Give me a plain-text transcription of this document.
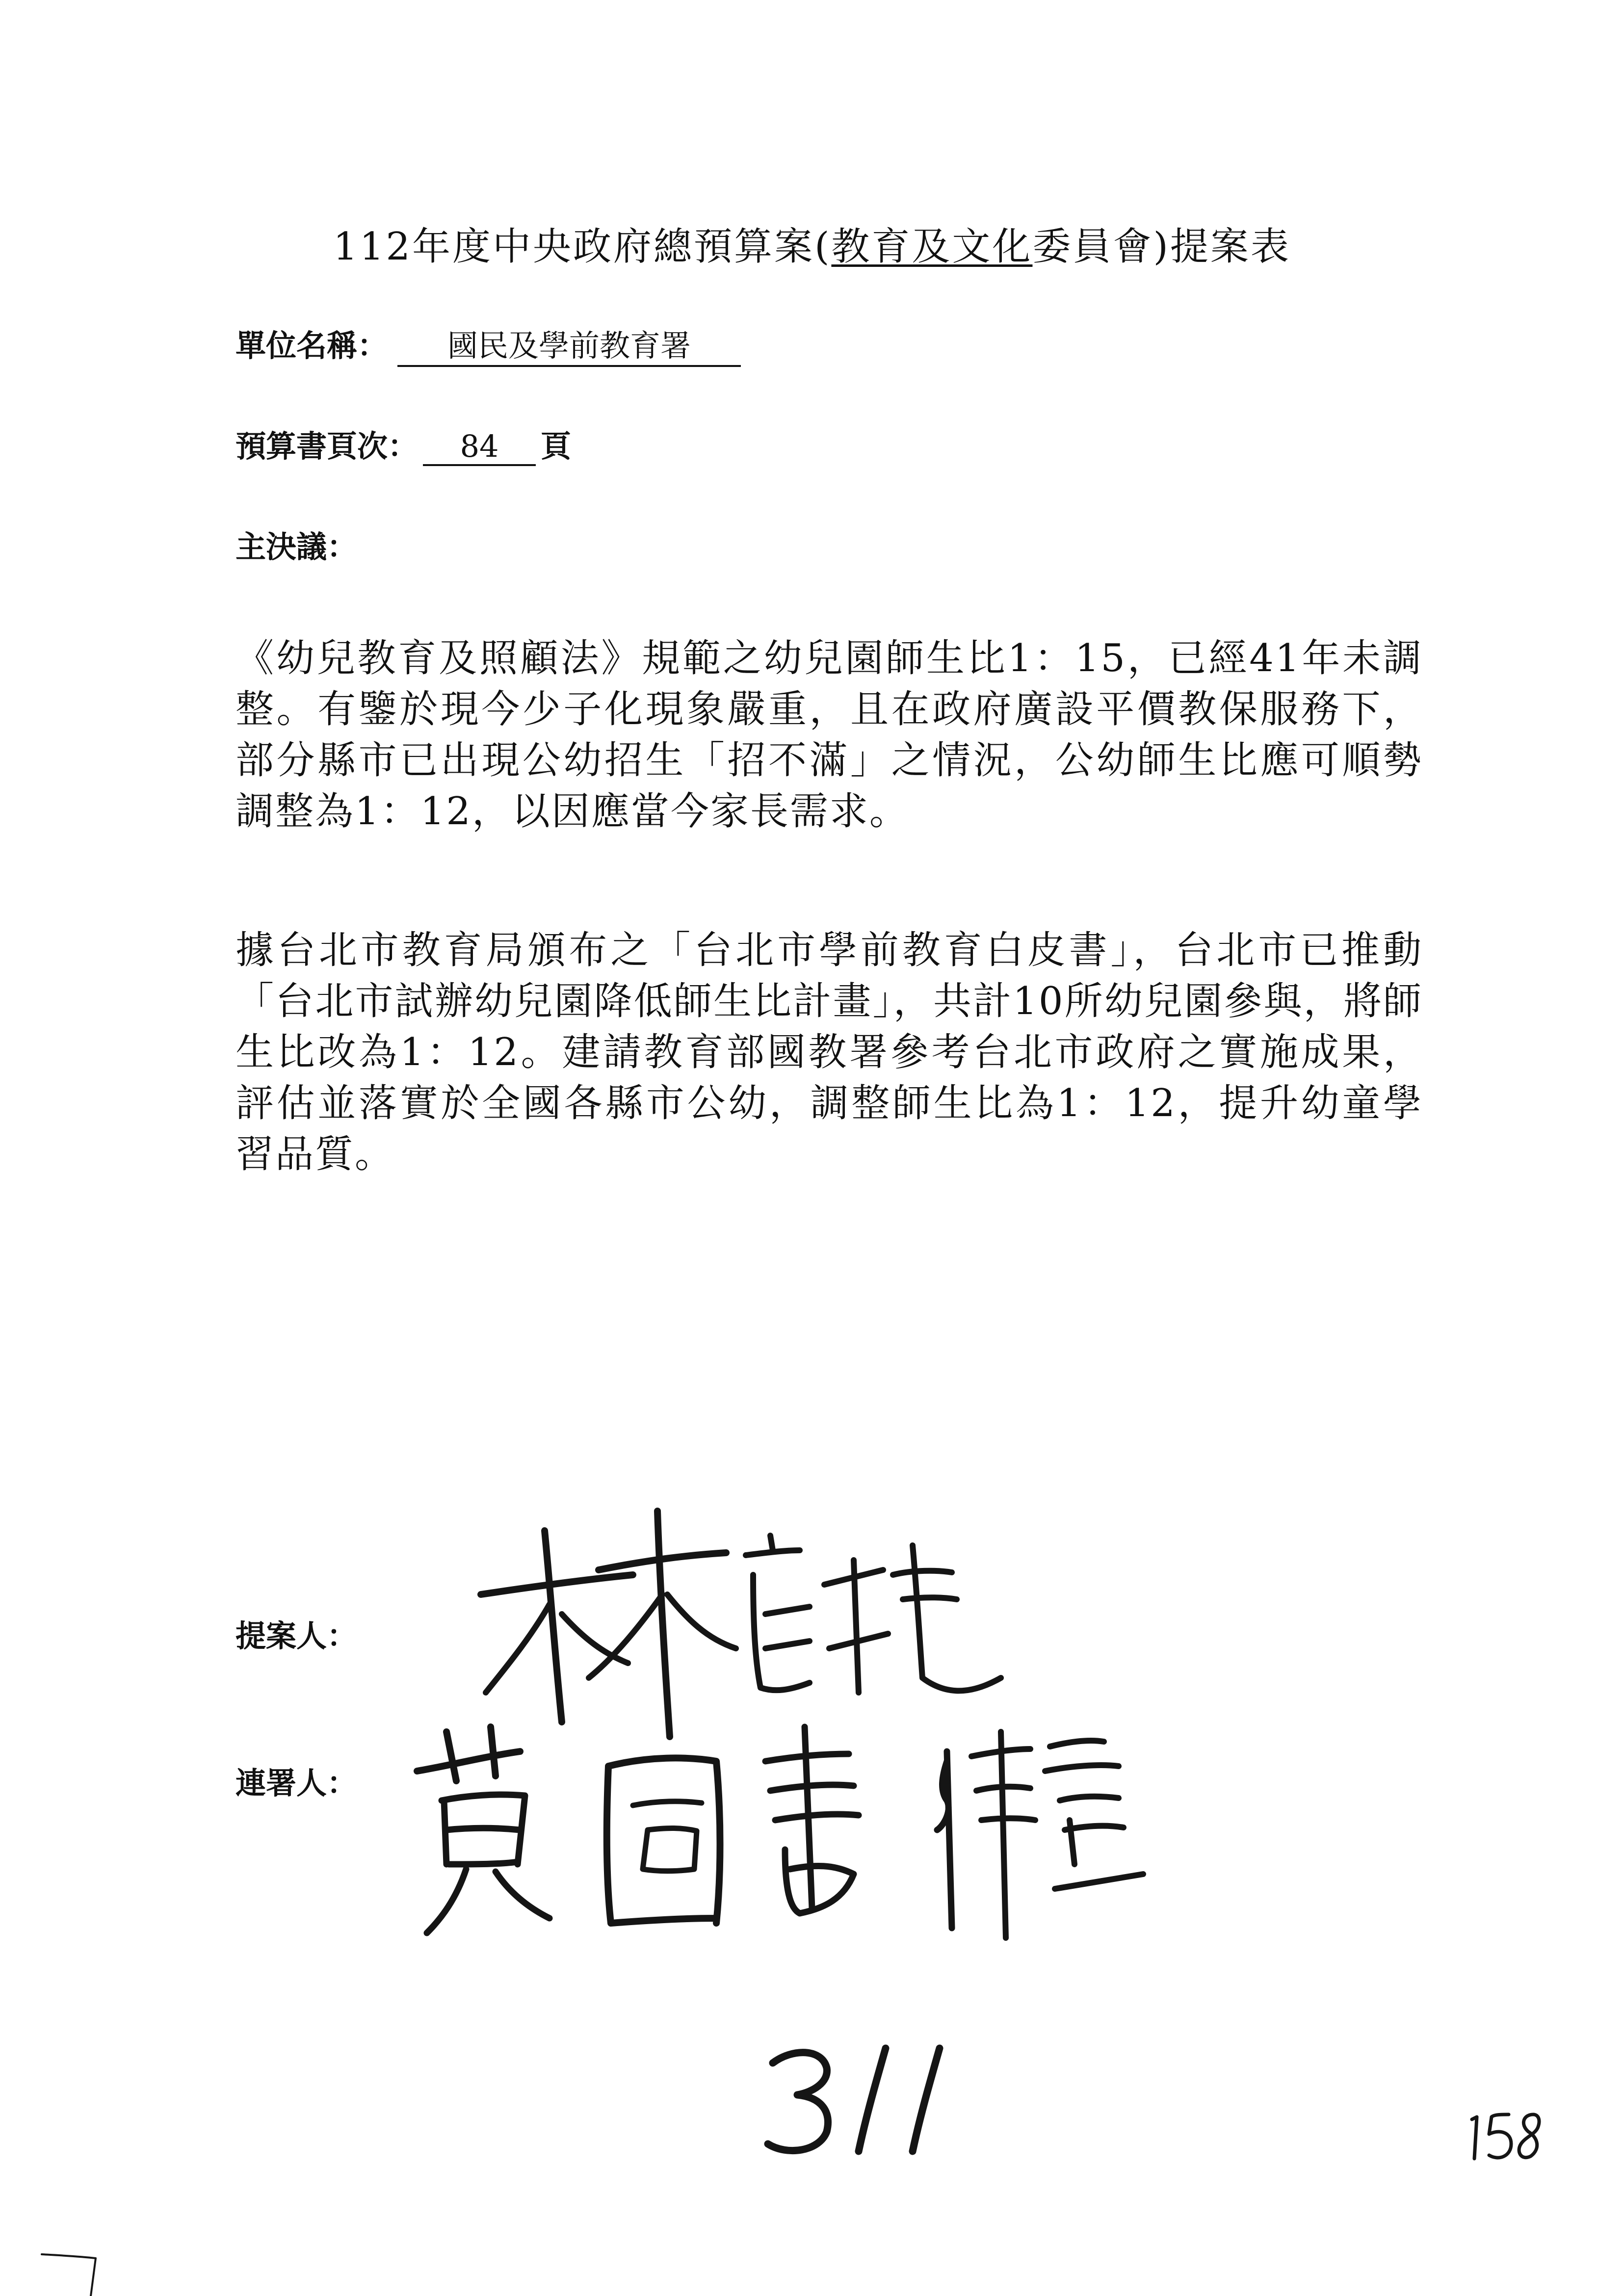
112年度中央政府總預算案(教育及文化委員會)提案表
單位名稱： 國民及學前教育署
預算書頁次： 84 頁
主決議：
《幼兒教育及照顧法》規範之幼兒園師生比1：15，已經41年未調整。有鑒於現今少子化現象嚴重，且在政府廣設平價教保服務下，部分縣市已出現公幼招生「招不滿」之情況，公幼師生比應可順勢調整為1：12，以因應當今家長需求。
據台北市教育局頒布之「台北市學前教育白皮書」，台北市已推動「台北市試辦幼兒園降低師生比計畫」，共計10所幼兒園參與，將師生比改為1：12。建請教育部國教署參考台北市政府之實施成果，評估並落實於全國各縣市公幼，調整師生比為1：12，提升幼童學習品質。
提案人：
連署人：
